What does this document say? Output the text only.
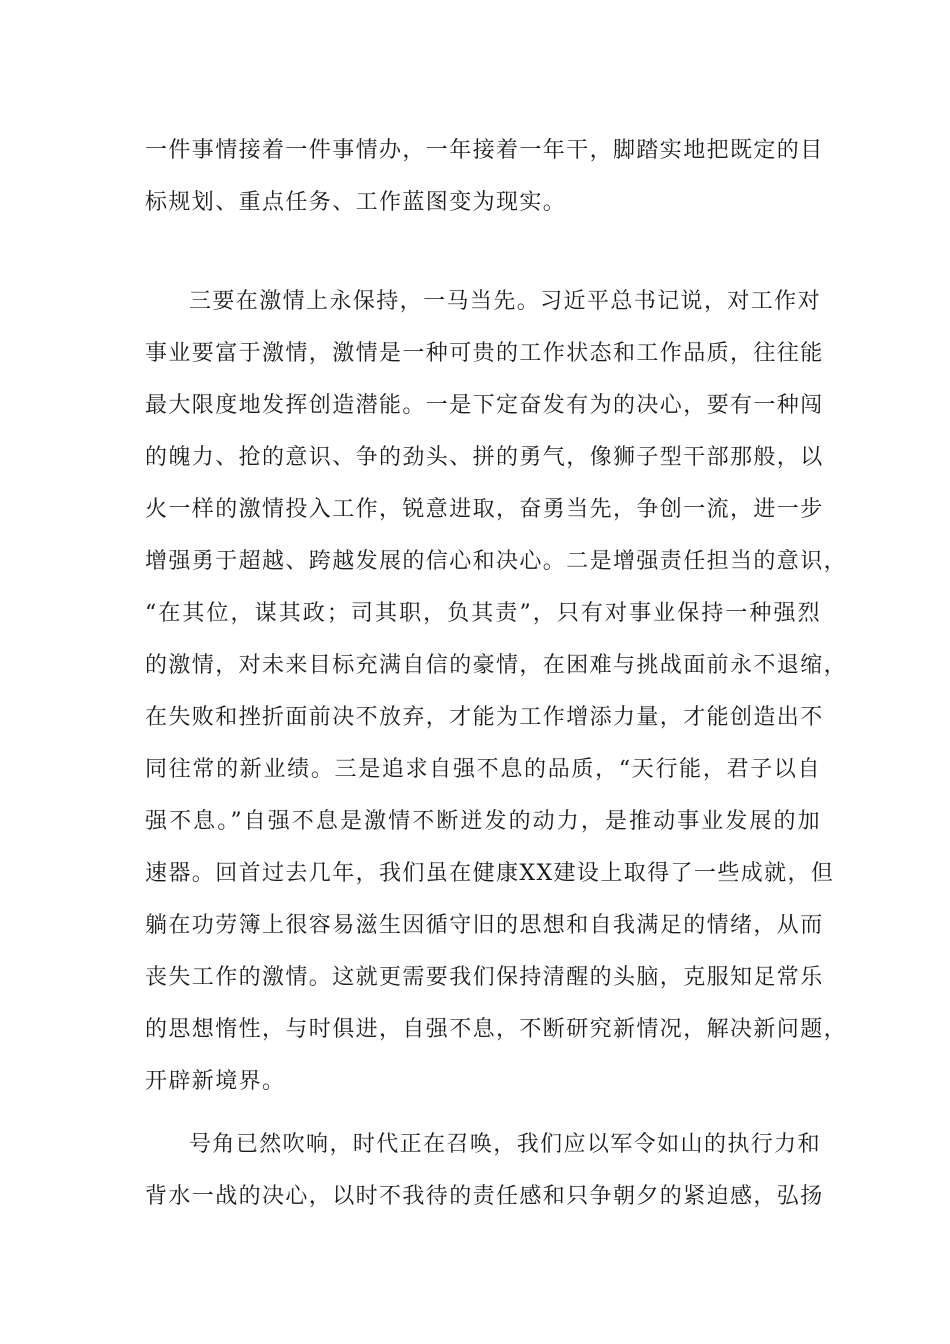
一件事情接着一件事情办，一年接着一年干，脚踏实地把既定的目
标规划、重点任务、工作蓝图变为现实。
三要在激情上永保持，一马当先。习近平总书记说，对工作对
事业要富于激情，激情是一种可贵的工作状态和工作品质，往往能
最大限度地发挥创造潜能。一是下定奋发有为的决心，要有一种闯
的魄力、抢的意识、争的劲头、拼的勇气，像狮子型干部那般，以
火一样的激情投入工作，锐意进取，奋勇当先，争创一流，进一步
增强勇于超越、跨越发展的信心和决心。二是增强责任担当的意识，
“在其位，谋其政；司其职，负其责”，只有对事业保持一种强烈
的激情，对未来目标充满自信的豪情，在困难与挑战面前永不退缩，
在失败和挫折面前决不放弃，才能为工作增添力量，才能创造出不
同往常的新业绩。三是追求自强不息的品质，“天行能，君子以自
强不息。”自强不息是激情不断迸发的动力，是推动事业发展的加
速器。回首过去几年，我们虽在健康XX建设上取得了一些成就，但
躺在功劳簿上很容易滋生因循守旧的思想和自我满足的情绪，从而
丧失工作的激情。这就更需要我们保持清醒的头脑，克服知足常乐
的思想惰性，与时俱进，自强不息，不断研究新情况，解决新问题，
开辟新境界。
号角已然吹响，时代正在召唤，我们应以军令如山的执行力和
背水一战的决心，以时不我待的责任感和只争朝夕的紧迫感，弘扬
